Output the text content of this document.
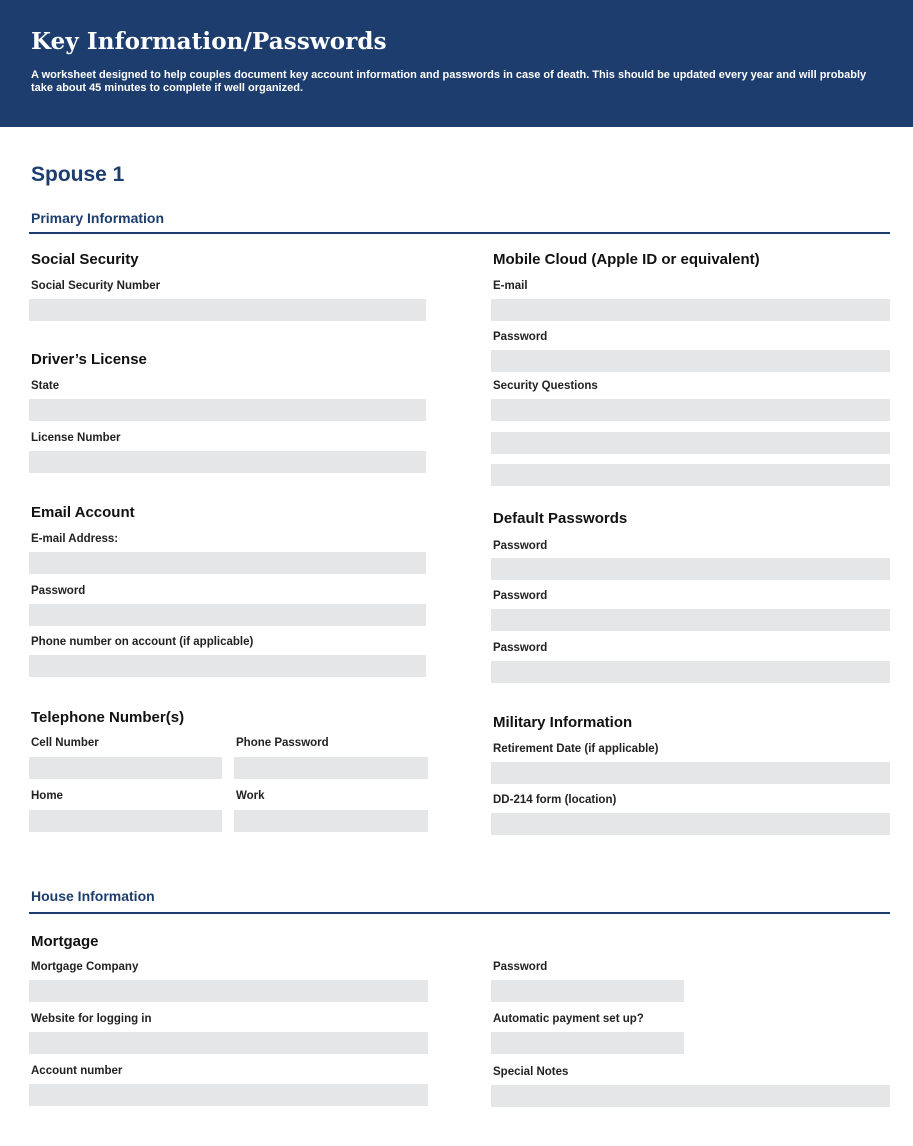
Key Information/Passwords

A worksheet designed to help couples document key account information and passwords in case of death. This should be updated every year and will probably take about 45 minutes to complete if well organized.

Spouse 1
Primary Information
Social Security
Social Security Number
Driver’s License
State
License Number
Email Account
E-mail Address:
Password
Phone number on account (if applicable)
Telephone Number(s)
Cell Number	Phone Password
Home	Work
Mobile Cloud (Apple ID or equivalent)
E-mail
Password
Security Questions
Default Passwords
Password
Password
Password
Military Information
Retirement Date (if applicable)
DD-214 form (location)
House Information
Mortgage
Mortgage Company
Website for logging in
Account number
Password
Automatic payment set up?
Special Notes
